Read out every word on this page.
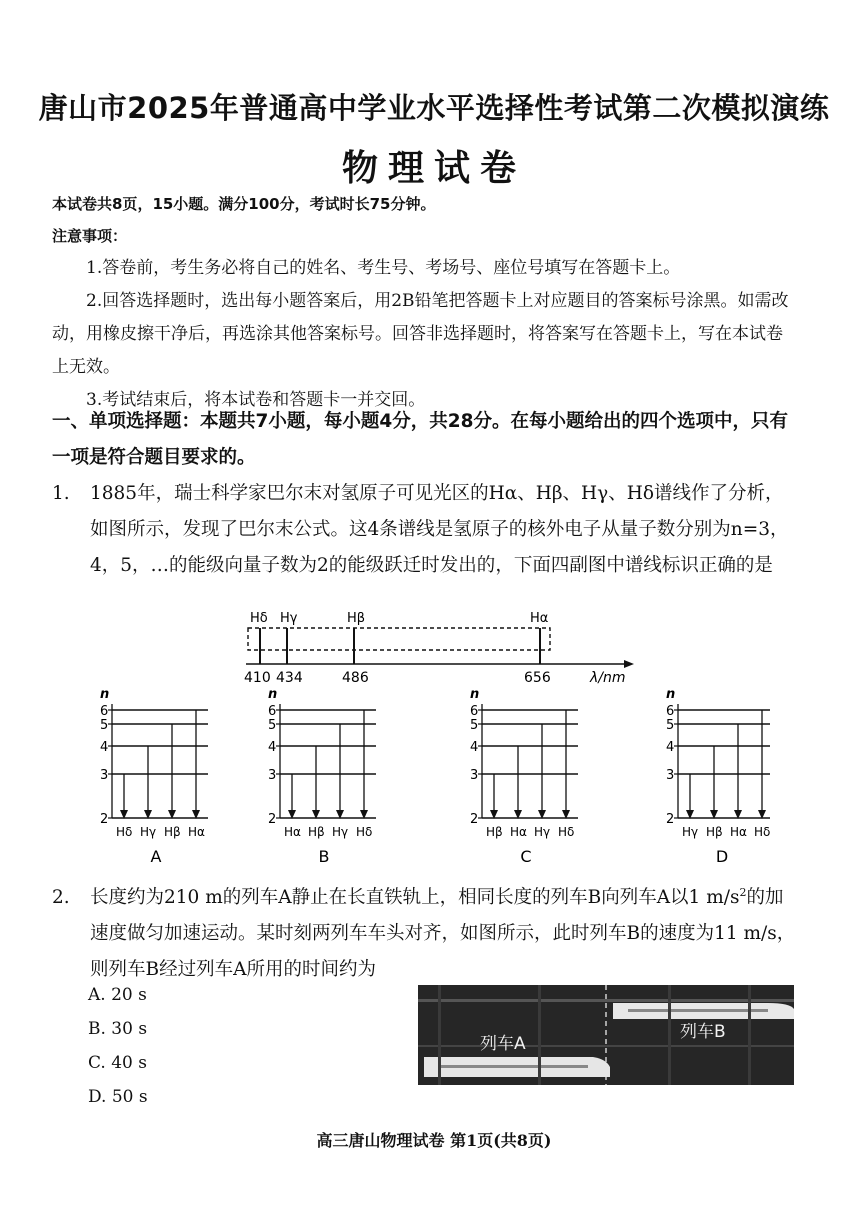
唐山市2025年普通高中学业水平选择性考试第二次模拟演练
物理试卷
本试卷共8页，15小题。满分100分，考试时长75分钟。
注意事项：
1.答卷前，考生务必将自己的姓名、考生号、考场号、座位号填写在答题卡上。
2.回答选择题时，选出每小题答案后，用2B铅笔把答题卡上对应题目的答案标号涂黑。如需改动，用橡皮擦干净后，再选涂其他答案标号。回答非选择题时，将答案写在答题卡上，写在本试卷上无效。
3.考试结束后，将本试卷和答题卡一并交回。
一、单项选择题：本题共7小题，每小题4分，共28分。在每小题给出的四个选项中，只有一项是符合题目要求的。
1. 1885年，瑞士科学家巴尔末对氢原子可见光区的Hα、Hβ、Hγ、Hδ谱线作了分析，如图所示，发现了巴尔末公式。这4条谱线是氢原子的核外电子从量子数分别为n=3，4，5，…的能级向量子数为2的能级跃迁时发出的，下面四副图中谱线标识正确的是
Hδ Hγ	Hβ	Hα
410 434	486	656	λ/nm
n
6
5
4
3
2
Hδ Hγ Hβ Hα
A
n
6
5
4
3
2
Hα Hβ Hγ Hδ
B
n
6
5
4
3
2
Hβ Hα Hγ Hδ
C
n
6
5
4
3
2
Hγ Hβ Hα Hδ
D
2. 长度约为210 m的列车A静止在长直铁轨上，相同长度的列车B向列车A以1 $m/s^2$的加速度做匀加速运动。某时刻两列车车头对齐，如图所示，此时列车B的速度为11 m/s，则列车B经过列车A所用的时间约为
A. 20 s
B. 30 s
C. 40 s
D. 50 s
列车A
列车B
高三唐山物理试卷 第1页(共8页)
